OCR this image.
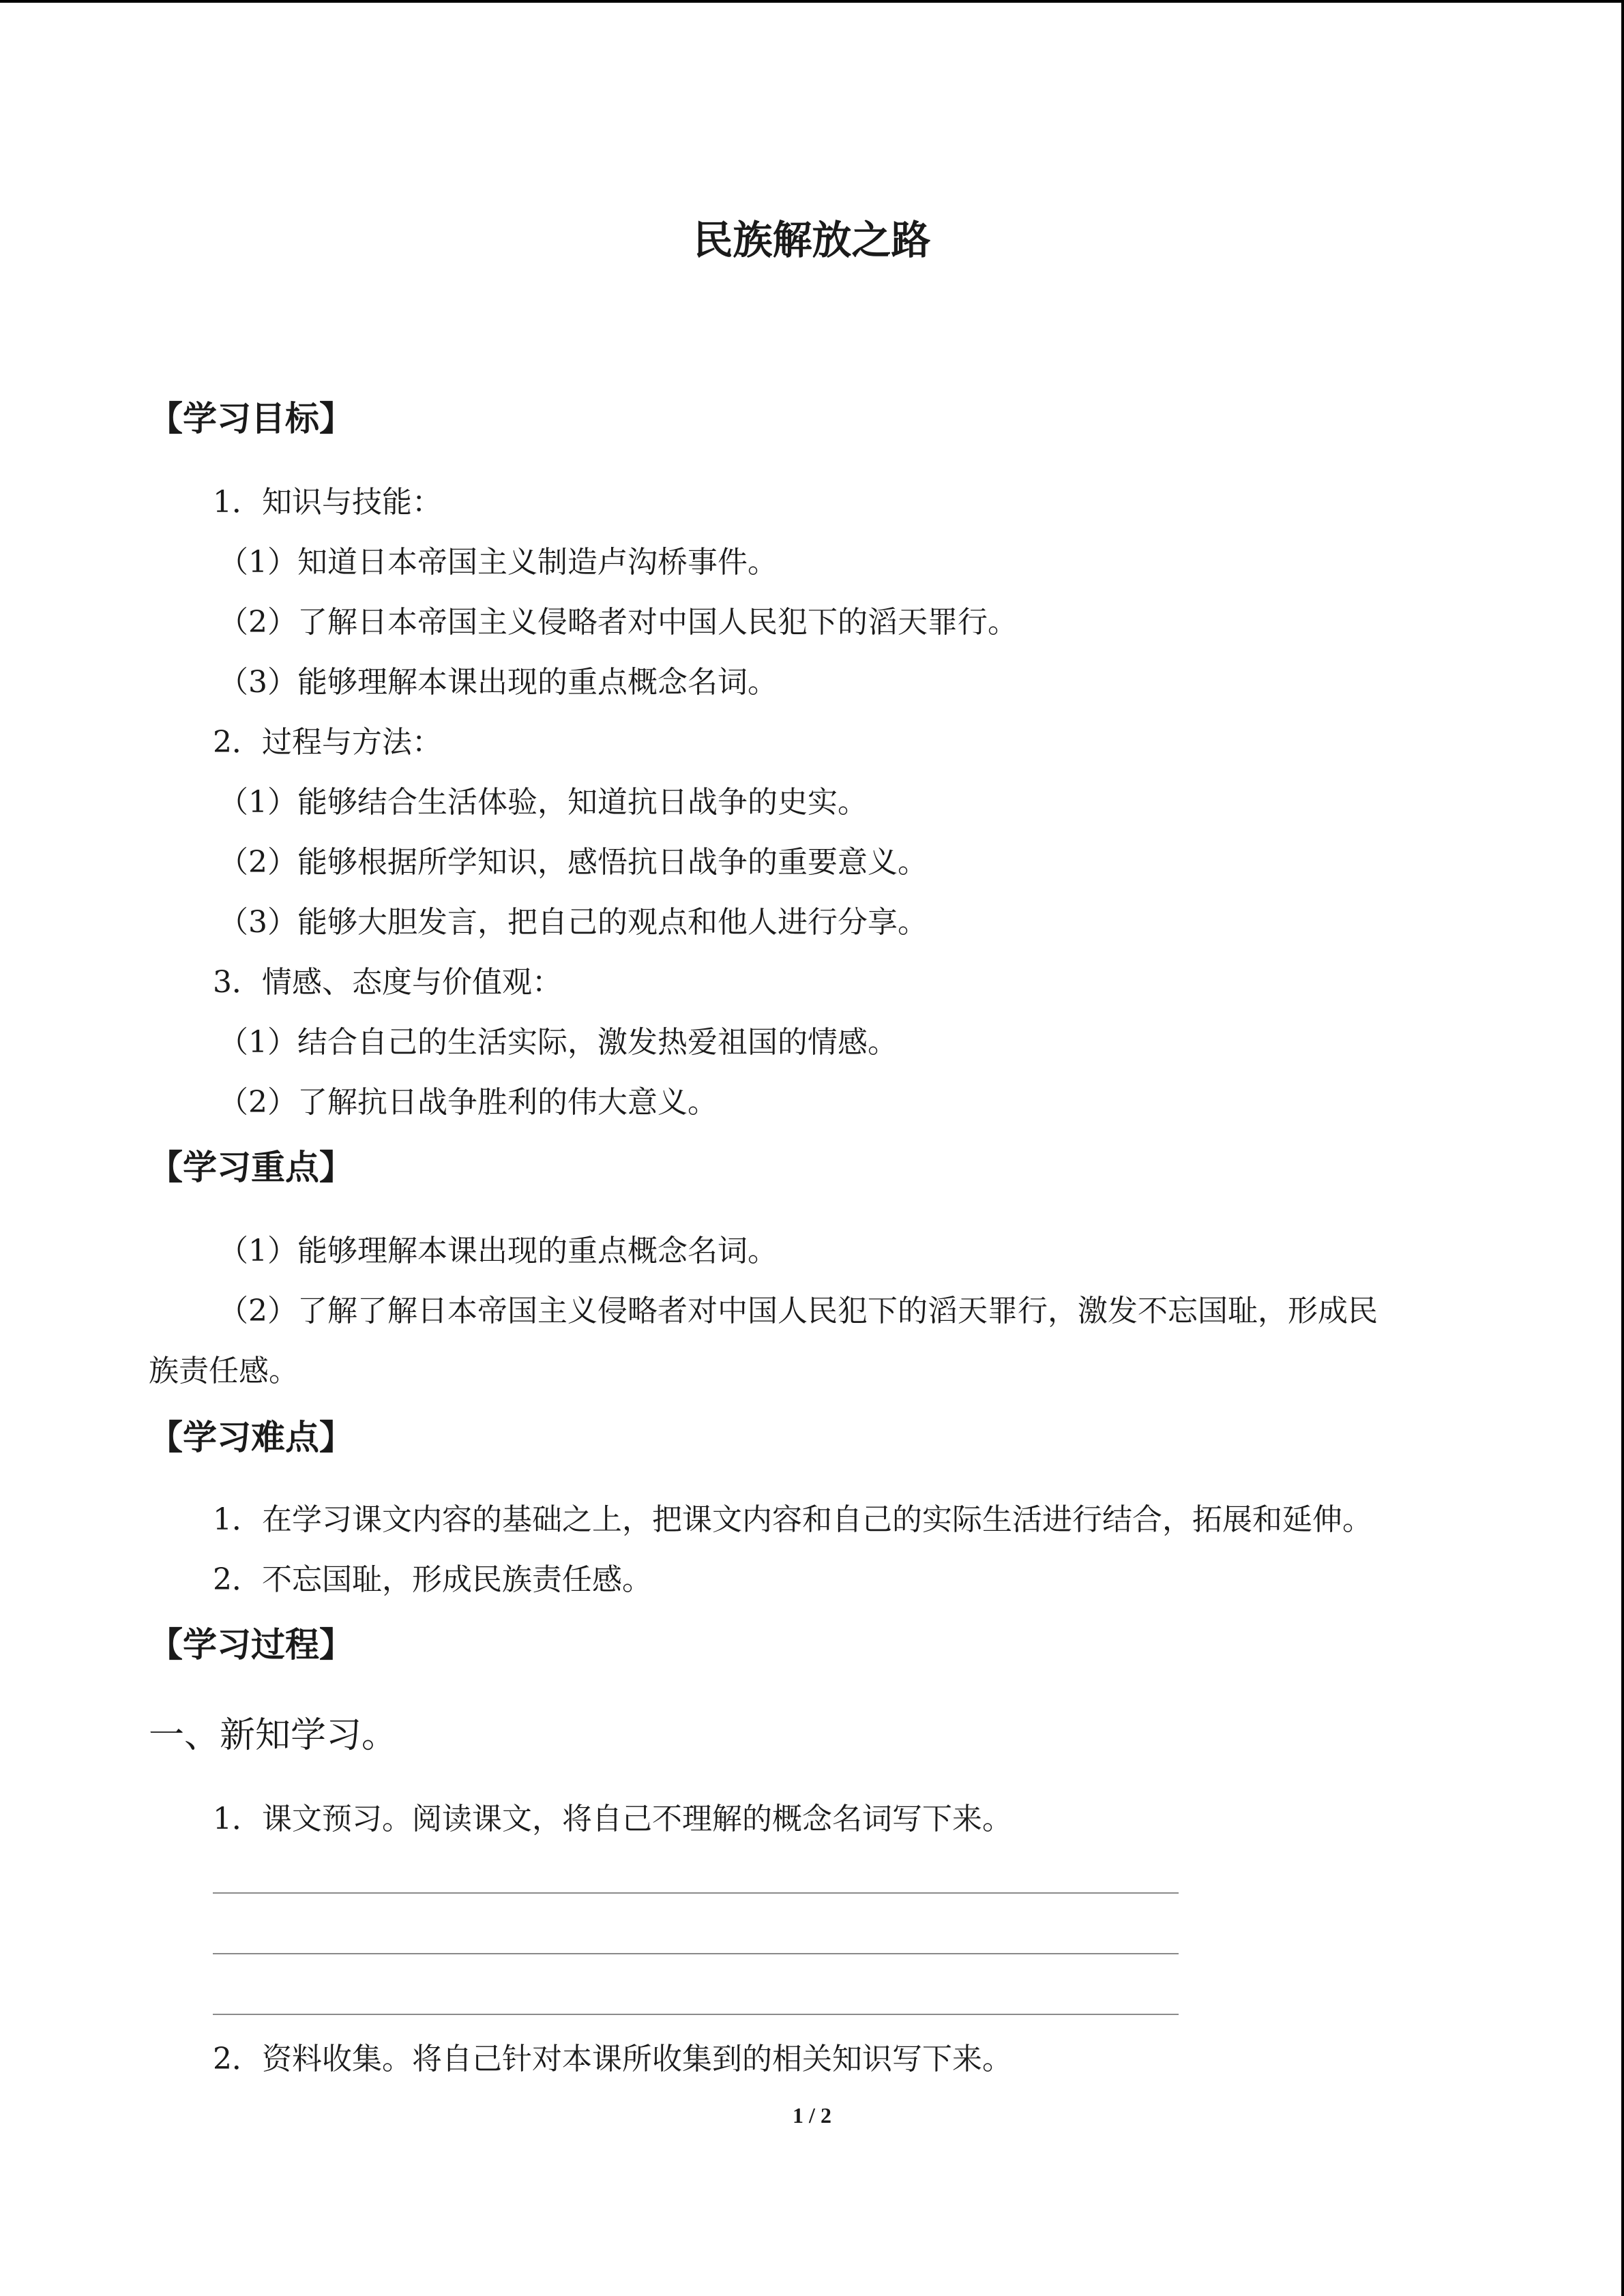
民族解放之路
【学习目标】
1．知识与技能：
（1）知道日本帝国主义制造卢沟桥事件。
（2）了解日本帝国主义侵略者对中国人民犯下的滔天罪行。
（3）能够理解本课出现的重点概念名词。
2．过程与方法：
（1）能够结合生活体验，知道抗日战争的史实。
（2）能够根据所学知识，感悟抗日战争的重要意义。
（3）能够大胆发言，把自己的观点和他人进行分享。
3．情感、态度与价值观：
（1）结合自己的生活实际，激发热爱祖国的情感。
（2）了解抗日战争胜利的伟大意义。
【学习重点】
（1）能够理解本课出现的重点概念名词。
（2）了解了解日本帝国主义侵略者对中国人民犯下的滔天罪行，激发不忘国耻，形成民
族责任感。
【学习难点】
1．在学习课文内容的基础之上，把课文内容和自己的实际生活进行结合，拓展和延伸。
2．不忘国耻，形成民族责任感。
【学习过程】
一、新知学习。
1．课文预习。阅读课文，将自己不理解的概念名词写下来。
2．资料收集。将自己针对本课所收集到的相关知识写下来。
1 / 2
